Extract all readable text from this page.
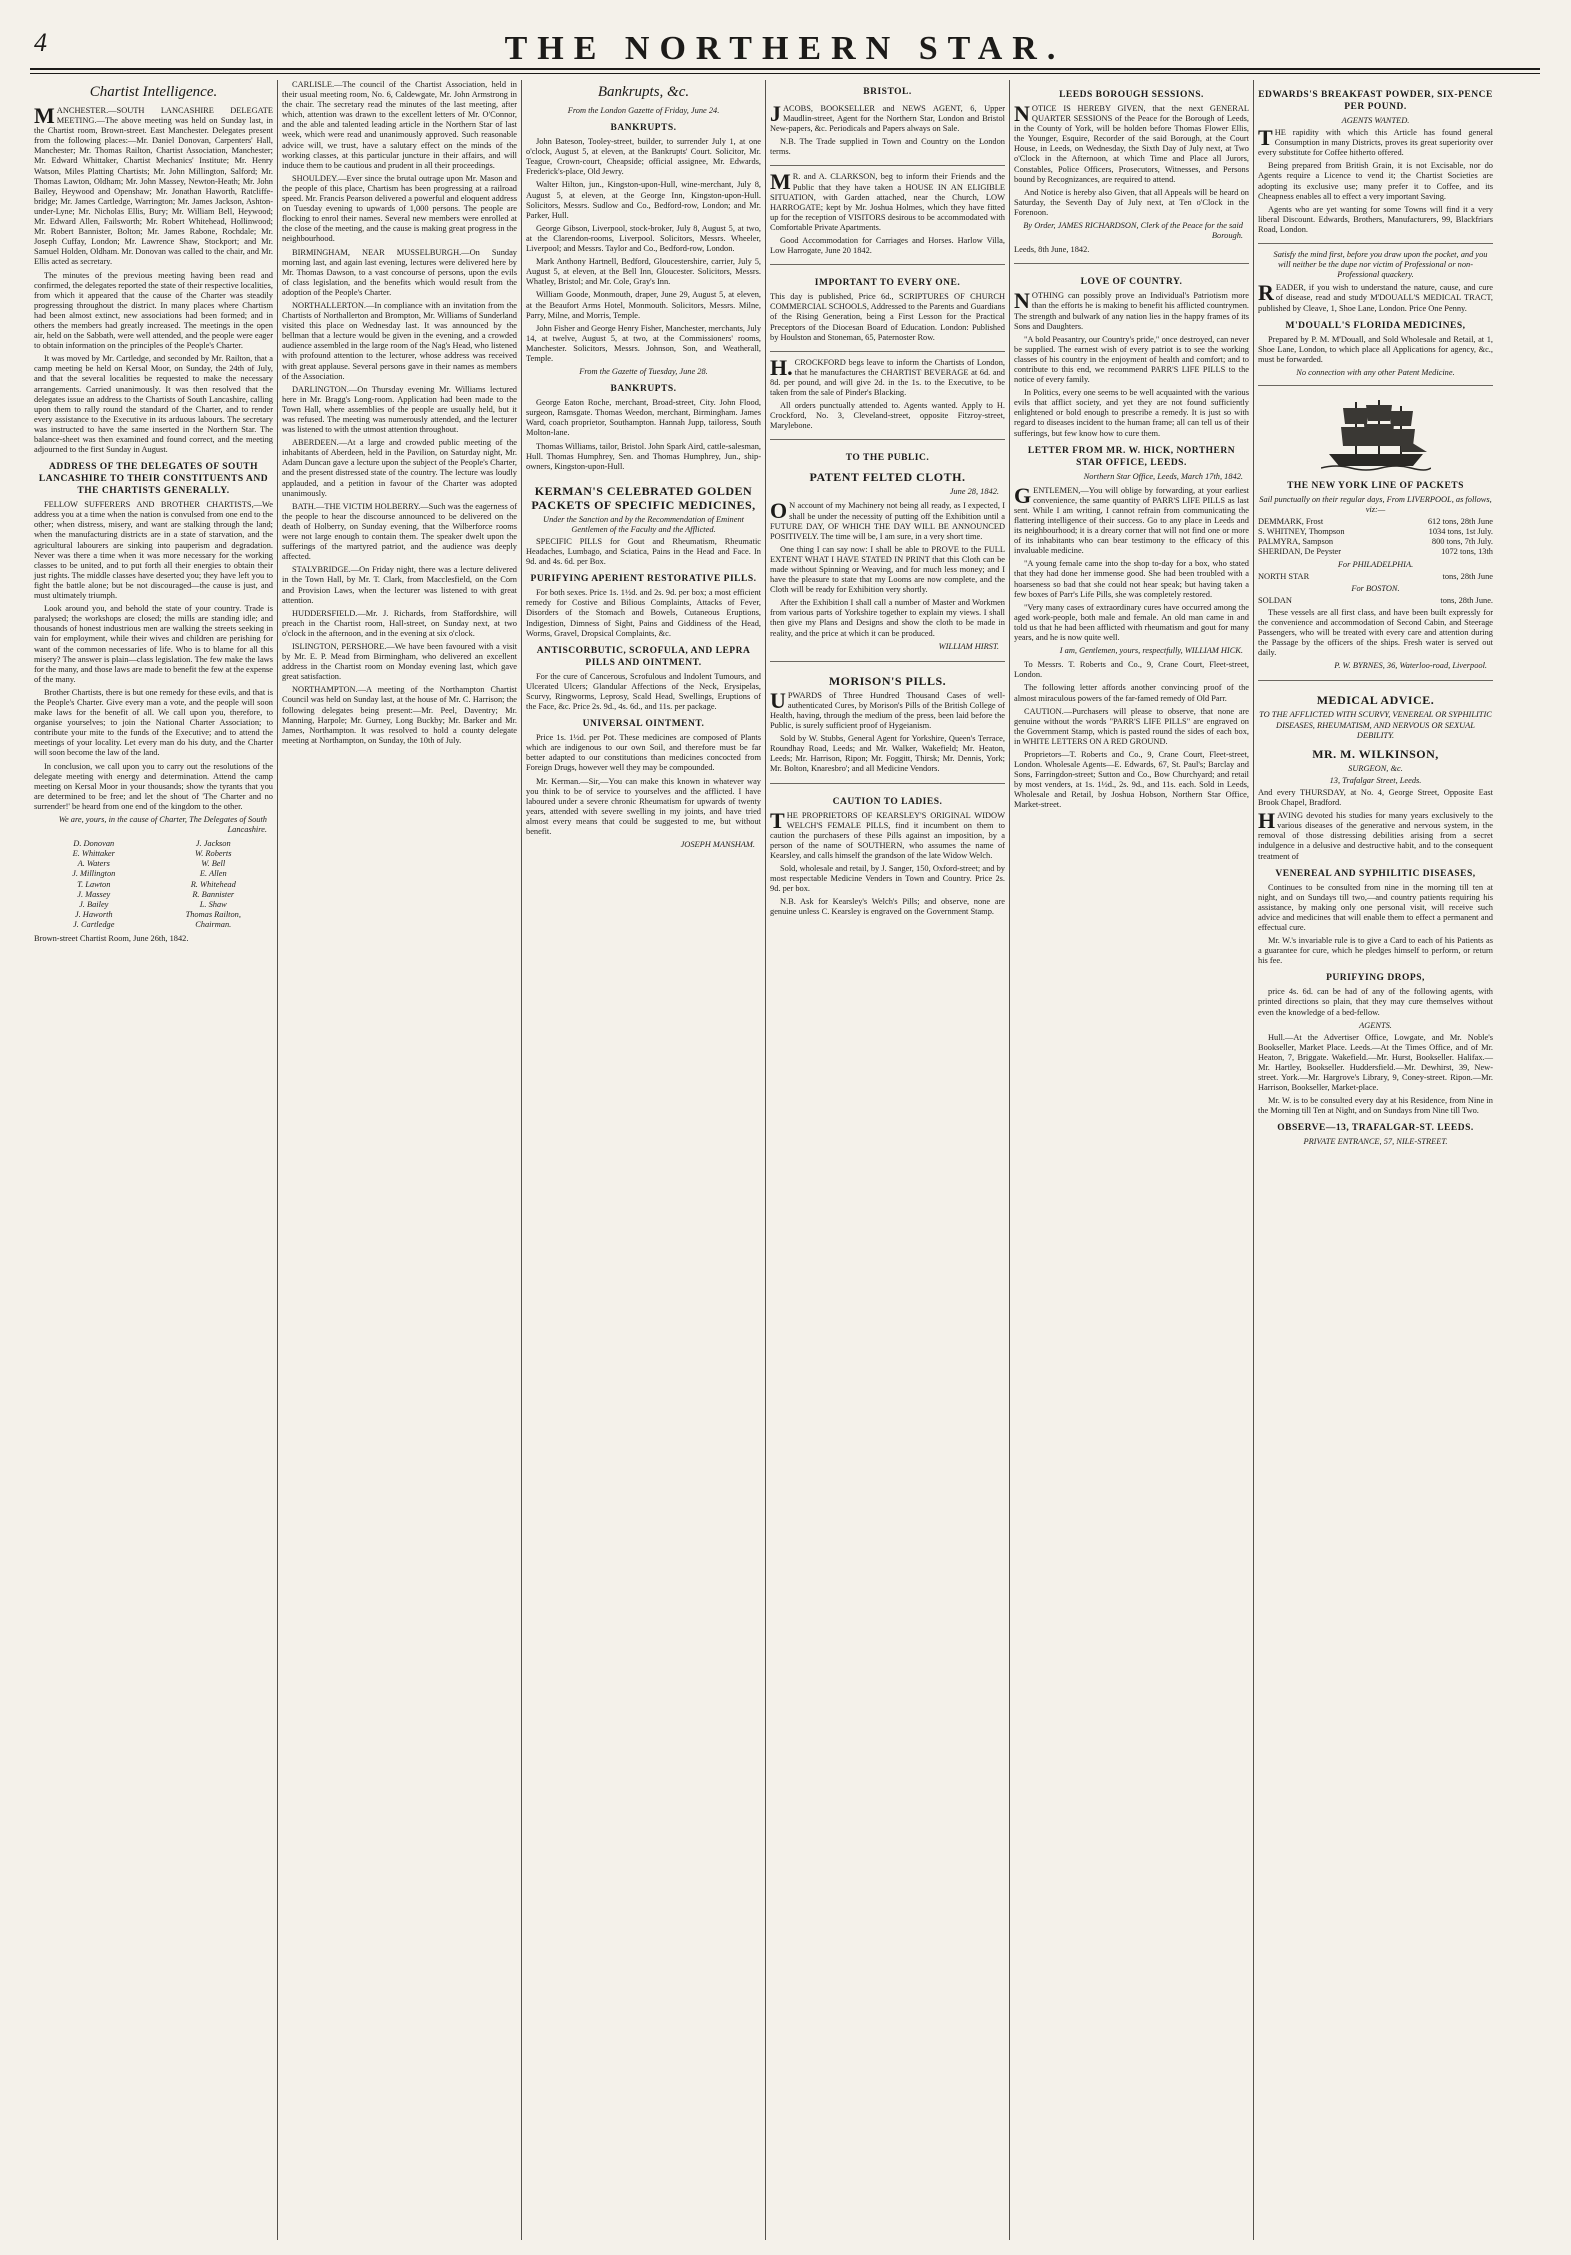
4	THE NORTHERN STAR.
Chartist Intelligence.

MANCHESTER.—SOUTH LANCASHIRE DELEGATE MEETING.—The above meeting was held on Sunday last, in the Chartist room, Brown-street. East Manchester. Delegates present from the following places:—Mr. Daniel Donovan, Carpenters' Hall, Manchester; Mr. Thomas Railton, Chartist Association, Manchester; Mr. Edward Whittaker, Chartist Mechanics' Institute; Mr. Henry Watson, Miles Platting Chartists; Mr. John Millington, Salford; Mr. Thomas Lawton, Oldham; Mr. John Massey, Newton-Heath; Mr. John Bailey, Heywood and Openshaw; Mr. Jonathan Haworth, Ratcliffe-bridge; Mr. James Cartledge, Warrington; Mr. James Jackson, Ashton-under-Lyne; Mr. Nicholas Ellis, Bury; Mr. William Bell, Heywood; Mr. Edward Allen, Failsworth; Mr. Robert Whitehead, Hollinwood; Mr. Robert Bannister, Bolton; Mr. James Rabone, Rochdale; Mr. Joseph Cuffay, London; Mr. Lawrence Shaw, Stockport; and Mr. Samuel Holden, Oldham. Mr. Donovan was called to the chair, and Mr. Ellis acted as secretary.

The minutes of the previous meeting having been read and confirmed, the delegates reported the state of their respective localities, from which it appeared that the cause of the Charter was steadily progressing throughout the district. In many places where Chartism had been almost extinct, new associations had been formed; and in others the members had greatly increased. The meetings in the open air, held on the Sabbath, were well attended, and the people were eager to obtain information on the principles of the People's Charter.

It was moved by Mr. Cartledge, and seconded by Mr. Railton, that a camp meeting be held on Kersal Moor, on Sunday, the 24th of July, and that the several localities be requested to make the necessary arrangements. Carried unanimously. It was then resolved that the delegates issue an address to the Chartists of South Lancashire, calling upon them to rally round the standard of the Charter, and to render every assistance to the Executive in its arduous labours. The secretary was instructed to have the same inserted in the Northern Star. The balance-sheet was then examined and found correct, and the meeting adjourned to the first Sunday in August.

ADDRESS OF THE DELEGATES OF SOUTH LANCASHIRE TO THEIR CONSTITUENTS AND THE CHARTISTS GENERALLY.

FELLOW SUFFERERS AND BROTHER CHARTISTS,—We address you at a time when the nation is convulsed from one end to the other; when distress, misery, and want are stalking through the land; when the manufacturing districts are in a state of starvation, and the agricultural labourers are sinking into pauperism and degradation. Never was there a time when it was more necessary for the working classes to be united, and to put forth all their energies to obtain their just rights. The middle classes have deserted you; they have left you to fight the battle alone; but be not discouraged—the cause is just, and must ultimately triumph.

Look around you, and behold the state of your country. Trade is paralysed; the workshops are closed; the mills are standing idle; and thousands of honest industrious men are walking the streets seeking in vain for employment, while their wives and children are perishing for want of the common necessaries of life. Who is to blame for all this misery? The answer is plain—class legislation. The few make the laws for the many, and those laws are made to benefit the few at the expense of the many.

Brother Chartists, there is but one remedy for these evils, and that is the People's Charter. Give every man a vote, and the people will soon make laws for the benefit of all. We call upon you, therefore, to organise yourselves; to join the National Charter Association; to contribute your mite to the funds of the Executive; and to attend the meetings of your locality. Let every man do his duty, and the Charter will soon become the law of the land.

In conclusion, we call upon you to carry out the resolutions of the delegate meeting with energy and determination. Attend the camp meeting on Kersal Moor in your thousands; show the tyrants that you are determined to be free; and let the shout of 'The Charter and no surrender!' be heard from one end of the kingdom to the other.

We are, yours, in the cause of Charter, The Delegates of South Lancashire.
D. Donovan	J. Jackson
E. Whittaker	W. Roberts
A. Waters	W. Bell
J. Millington	E. Allen
T. Lawton	R. Whitehead
J. Massey	R. Bannister
J. Bailey	L. Shaw
J. Haworth	Thomas Railton,
J. Cartledge	Chairman.

Brown-street Chartist Room, June 26th, 1842.

CARLISLE.—The council of the Chartist Association, held in their usual meeting room, No. 6, Caldewgate, Mr. John Armstrong in the chair. The secretary read the minutes of the last meeting, after which, attention was drawn to the excellent letters of Mr. O'Connor, and the able and talented leading article in the Northern Star of last week, which were read and unanimously approved. Such reasonable advice will, we trust, have a salutary effect on the minds of the working classes, at this particular juncture in their affairs, and will induce them to be cautious and prudent in all their proceedings.

SHOULDEY.—Ever since the brutal outrage upon Mr. Mason and the people of this place, Chartism has been progressing at a railroad speed. Mr. Francis Pearson delivered a powerful and eloquent address on Tuesday evening to upwards of 1,000 persons. The people are flocking to enrol their names. Several new members were enrolled at the close of the meeting, and the cause is making great progress in the neighbourhood.

BIRMINGHAM, NEAR MUSSELBURGH.—On Sunday morning last, and again last evening, lectures were delivered here by Mr. Thomas Dawson, to a vast concourse of persons, upon the evils of class legislation, and the benefits which would result from the adoption of the People's Charter.

NORTHALLERTON.—In compliance with an invitation from the Chartists of Northallerton and Brompton, Mr. Williams of Sunderland visited this place on Wednesday last. It was announced by the bellman that a lecture would be given in the evening, and a crowded audience assembled in the large room of the Nag's Head, who listened with profound attention to the lecturer, whose address was received with great applause. Several persons gave in their names as members of the Association.

DARLINGTON.—On Thursday evening Mr. Williams lectured here in Mr. Bragg's Long-room. Application had been made to the Town Hall, where assemblies of the people are usually held, but it was refused. The meeting was numerously attended, and the lecturer was listened to with the utmost attention throughout.

ABERDEEN.—At a large and crowded public meeting of the inhabitants of Aberdeen, held in the Pavilion, on Saturday night, Mr. Adam Duncan gave a lecture upon the subject of the People's Charter, and the present distressed state of the country. The lecture was loudly applauded, and a petition in favour of the Charter was adopted unanimously.

BATH.—THE VICTIM HOLBERRY.—Such was the eagerness of the people to hear the discourse announced to be delivered on the death of Holberry, on Sunday evening, that the Wilberforce rooms were not large enough to contain them. The speaker dwelt upon the sufferings of the martyred patriot, and the audience was deeply affected.

STALYBRIDGE.—On Friday night, there was a lecture delivered in the Town Hall, by Mr. T. Clark, from Macclesfield, on the Corn and Provision Laws, when the lecturer was listened to with great attention.

HUDDERSFIELD.—Mr. J. Richards, from Staffordshire, will preach in the Chartist room, Hall-street, on Sunday next, at two o'clock in the afternoon, and in the evening at six o'clock.

ISLINGTON, PERSHORE.—We have been favoured with a visit by Mr. E. P. Mead from Birmingham, who delivered an excellent address in the Chartist room on Monday evening last, which gave great satisfaction.

NORTHAMPTON.—A meeting of the Northampton Chartist Council was held on Sunday last, at the house of Mr. C. Harrison; the following delegates being present:—Mr. Peel, Daventry; Mr. Manning, Harpole; Mr. Gurney, Long Buckby; Mr. Barker and Mr. James, Northampton. It was resolved to hold a county delegate meeting at Northampton, on Sunday, the 10th of July.

Bankrupts, &c.
From the London Gazette of Friday, June 24.
BANKRUPTS.

John Bateson, Tooley-street, builder, to surrender July 1, at one o'clock, August 5, at eleven, at the Bankrupts' Court. Solicitor, Mr. Teague, Crown-court, Cheapside; official assignee, Mr. Edwards, Frederick's-place, Old Jewry.

Walter Hilton, jun., Kingston-upon-Hull, wine-merchant, July 8, August 5, at eleven, at the George Inn, Kingston-upon-Hull. Solicitors, Messrs. Sudlow and Co., Bedford-row, London; and Mr. Parker, Hull.

George Gibson, Liverpool, stock-broker, July 8, August 5, at two, at the Clarendon-rooms, Liverpool. Solicitors, Messrs. Wheeler, Liverpool; and Messrs. Taylor and Co., Bedford-row, London.

Mark Anthony Hartnell, Bedford, Gloucestershire, carrier, July 5, August 5, at eleven, at the Bell Inn, Gloucester. Solicitors, Messrs. Whatley, Bristol; and Mr. Cole, Gray's Inn.

William Goode, Monmouth, draper, June 29, August 5, at eleven, at the Beaufort Arms Hotel, Monmouth. Solicitors, Messrs. Milne, Parry, Milne, and Morris, Temple.

John Fisher and George Henry Fisher, Manchester, merchants, July 14, at twelve, August 5, at two, at the Commissioners' rooms, Manchester. Solicitors, Messrs. Johnson, Son, and Weatherall, Temple.

From the Gazette of Tuesday, June 28.
BANKRUPTS.

George Eaton Roche, merchant, Broad-street, City. John Flood, surgeon, Ramsgate. Thomas Weedon, merchant, Birmingham. James Ward, coach proprietor, Southampton. Hannah Jupp, tailoress, South Molton-lane.

Thomas Williams, tailor, Bristol. John Spark Aird, cattle-salesman, Hull. Thomas Humphrey, Sen. and Thomas Humphrey, Jun., ship-owners, Kingston-upon-Hull.

KERMAN'S CELEBRATED GOLDEN PACKETS OF SPECIFIC MEDICINES,
Under the Sanction and by the Recommendation of Eminent Gentlemen of the Faculty and the Afflicted.

SPECIFIC PILLS for Gout and Rheumatism, Rheumatic Headaches, Lumbago, and Sciatica, Pains in the Head and Face. In 9d. and 4s. 6d. per Box.

PURIFYING APERIENT RESTORATIVE PILLS.

For both sexes. Price 1s. 1½d. and 2s. 9d. per box; a most efficient remedy for Costive and Bilious Complaints, Attacks of Fever, Disorders of the Stomach and Bowels, Cutaneous Eruptions, Indigestion, Dimness of Sight, Pains and Giddiness of the Head, Worms, Gravel, Dropsical Complaints, &c.

ANTISCORBUTIC, SCROFULA, AND LEPRA PILLS AND OINTMENT.

For the cure of Cancerous, Scrofulous and Indolent Tumours, and Ulcerated Ulcers; Glandular Affections of the Neck, Erysipelas, Scurvy, Ringworms, Leprosy, Scald Head, Swellings, Eruptions of the Face, &c. Price 2s. 9d., 4s. 6d., and 11s. per package.

UNIVERSAL OINTMENT.

Price 1s. 1½d. per Pot. These medicines are composed of Plants which are indigenous to our own Soil, and therefore must be far better adapted to our constitutions than medicines concocted from Foreign Drugs, however well they may be compounded.

Mr. Kerman.—Sir,—You can make this known in whatever way you think to be of service to yourselves and the afflicted. I have laboured under a severe chronic Rheumatism for upwards of twenty years, attended with severe swelling in my joints, and have tried almost every means that could be suggested to me, but without benefit.

JOSEPH MANSHAM.
BRISTOL.

JACOBS, BOOKSELLER and NEWS AGENT, 6, Upper Maudlin-street, Agent for the Northern Star, London and Bristol New-papers, &c. Periodicals and Papers always on Sale.

N.B. The Trade supplied in Town and Country on the London terms.

MR. and A. CLARKSON, beg to inform their Friends and the Public that they have taken a HOUSE IN AN ELIGIBLE SITUATION, with Garden attached, near the Church, LOW HARROGATE; kept by Mr. Joshua Holmes, which they have fitted up for the reception of VISITORS desirous to be accommodated with Comfortable Private Apartments.

Good Accommodation for Carriages and Horses. Harlow Villa, Low Harrogate, June 20 1842.

IMPORTANT TO EVERY ONE.

This day is published, Price 6d., SCRIPTURES OF CHURCH COMMERCIAL SCHOOLS, Addressed to the Parents and Guardians of the Rising Generation, being a First Lesson for the Practical Preceptors of the Diocesan Board of Education. London: Published by Houlston and Stoneman, 65, Paternoster Row.

H.CROCKFORD begs leave to inform the Chartists of London, that he manufactures the CHARTIST BEVERAGE at 6d. and 8d. per pound, and will give 2d. in the 1s. to the Executive, to be taken from the sale of Pinder's Blacking.

All orders punctually attended to. Agents wanted. Apply to H. Crockford, No. 3, Cleveland-street, opposite Fitzroy-street, Marylebone.

TO THE PUBLIC.
PATENT FELTED CLOTH.
June 28, 1842.

ON account of my Machinery not being all ready, as I expected, I shall be under the necessity of putting off the Exhibition until a FUTURE DAY, OF WHICH THE DAY WILL BE ANNOUNCED POSITIVELY. The time will be, I am sure, in a very short time.

One thing I can say now: I shall be able to PROVE to the FULL EXTENT WHAT I HAVE STATED IN PRINT that this Cloth can be made without Spinning or Weaving, and for much less money; and I have the pleasure to state that my Looms are now complete, and the Cloth will be ready for Exhibition very shortly.

After the Exhibition I shall call a number of Master and Workmen from various parts of Yorkshire together to explain my views. I shall then give my Plans and Designs and show the cloth to be made in reality, and the price at which it can be produced.

WILLIAM HIRST.
MORISON'S PILLS.

UPWARDS of Three Hundred Thousand Cases of well-authenticated Cures, by Morison's Pills of the British College of Health, having, through the medium of the press, been laid before the Public, is surely sufficient proof of Hygeianism.

Sold by W. Stubbs, General Agent for Yorkshire, Queen's Terrace, Roundhay Road, Leeds; and Mr. Walker, Wakefield; Mr. Heaton, Leeds; Mr. Harrison, Ripon; Mr. Foggitt, Thirsk; Mr. Dennis, York; Mr. Bolton, Knaresbro'; and all Medicine Vendors.

CAUTION TO LADIES.

THE PROPRIETORS OF KEARSLEY'S ORIGINAL WIDOW WELCH'S FEMALE PILLS, find it incumbent on them to caution the purchasers of these Pills against an imposition, by a person of the name of SOUTHERN, who assumes the name of Kearsley, and calls himself the grandson of the late Widow Welch.

Sold, wholesale and retail, by J. Sanger, 150, Oxford-street; and by most respectable Medicine Venders in Town and Country. Price 2s. 9d. per box.

N.B. Ask for Kearsley's Welch's Pills; and observe, none are genuine unless C. Kearsley is engraved on the Government Stamp.

LEEDS BOROUGH SESSIONS.

NOTICE IS HEREBY GIVEN, that the next GENERAL QUARTER SESSIONS of the Peace for the Borough of Leeds, in the County of York, will be holden before Thomas Flower Ellis, the Younger, Esquire, Recorder of the said Borough, at the Court House, in Leeds, on Wednesday, the Sixth Day of July next, at Two o'Clock in the Afternoon, at which Time and Place all Jurors, Constables, Police Officers, Prosecutors, Witnesses, and Persons bound by Recognizances, are required to attend.

And Notice is hereby also Given, that all Appeals will be heard on Saturday, the Seventh Day of July next, at Ten o'Clock in the Forenoon.

By Order, JAMES RICHARDSON, Clerk of the Peace for the said Borough.

Leeds, 8th June, 1842.

LOVE OF COUNTRY.

NOTHING can possibly prove an Individual's Patriotism more than the efforts he is making to benefit his afflicted countrymen. The strength and bulwark of any nation lies in the happy frames of its Sons and Daughters.

"A bold Peasantry, our Country's pride," once destroyed, can never be supplied. The earnest wish of every patriot is to see the working classes of his country in the enjoyment of health and comfort; and to contribute to this end, we recommend PARR'S LIFE PILLS to the notice of every family.

In Politics, every one seems to be well acquainted with the various evils that afflict society, and yet they are not found sufficiently enlightened or bold enough to prescribe a remedy. It is just so with regard to diseases incident to the human frame; all can tell us of their sufferings, but few know how to cure them.

LETTER FROM MR. W. HICK, NORTHERN STAR OFFICE, LEEDS.
Northern Star Office, Leeds, March 17th, 1842.

GENTLEMEN,—You will oblige by forwarding, at your earliest convenience, the same quantity of PARR'S LIFE PILLS as last sent. While I am writing, I cannot refrain from communicating the flattering intelligence of their success. Go to any place in Leeds and its neighbourhood; it is a dreary corner that will not find one or more of its inhabitants who can bear testimony to the efficacy of this invaluable medicine.

"A young female came into the shop to-day for a box, who stated that they had done her immense good. She had been troubled with a hoarseness so bad that she could not hear speak; but having taken a few boxes of Parr's Life Pills, she was completely restored.

"Very many cases of extraordinary cures have occurred among the aged work-people, both male and female. An old man came in and told us that he had been afflicted with rheumatism and gout for many years, and he is now quite well.

I am, Gentlemen, yours, respectfully, WILLIAM HICK.

To Messrs. T. Roberts and Co., 9, Crane Court, Fleet-street, London.

The following letter affords another convincing proof of the almost miraculous powers of the far-famed remedy of Old Parr.

CAUTION.—Purchasers will please to observe, that none are genuine without the words "PARR'S LIFE PILLS" are engraved on the Government Stamp, which is pasted round the sides of each box, in WHITE LETTERS ON A RED GROUND.

Proprietors—T. Roberts and Co., 9, Crane Court, Fleet-street, London. Wholesale Agents—E. Edwards, 67, St. Paul's; Barclay and Sons, Farringdon-street; Sutton and Co., Bow Churchyard; and retail by most venders, at 1s. 1½d., 2s. 9d., and 11s. each. Sold in Leeds, Wholesale and Retail, by Joshua Hobson, Northern Star Office, Market-street.

EDWARDS'S BREAKFAST POWDER, SIX-PENCE PER POUND.
AGENTS WANTED.

THE rapidity with which this Article has found general Consumption in many Districts, proves its great superiority over every substitute for Coffee hitherto offered.

Being prepared from British Grain, it is not Excisable, nor do Agents require a Licence to vend it; the Chartist Societies are adopting its exclusive use; many prefer it to Coffee, and its Cheapness enables all to effect a very important Saving.

Agents who are yet wanting for some Towns will find it a very liberal Discount. Edwards, Brothers, Manufacturers, 99, Blackfriars Road, London.

Satisfy the mind first, before you draw upon the pocket, and you will neither be the dupe nor victim of Professional or non-Professional quackery.

READER, if you wish to understand the nature, cause, and cure of disease, read and study M'DOUALL'S MEDICAL TRACT, published by Cleave, 1, Shoe Lane, London. Price One Penny.

M'DOUALL'S FLORIDA MEDICINES,

Prepared by P. M. M'Douall, and Sold Wholesale and Retail, at 1, Shoe Lane, London, to which place all Applications for agency, &c., must be forwarded.

No connection with any other Patent Medicine.
THE NEW YORK LINE OF PACKETS
Sail punctually on their regular days, From LIVERPOOL, as follows, viz:—
DEMMARK, Frost	612 tons, 28th June
S. WHITNEY, Thompson	1034 tons, 1st July.
PALMYRA, Sampson	800 tons, 7th July.
SHERIDAN, De Peyster	1072 tons, 13th
For PHILADELPHIA.
NORTH STAR	tons, 28th June
For BOSTON.
SOLDAN	tons, 28th June.

These vessels are all first class, and have been built expressly for the convenience and accommodation of Second Cabin, and Steerage Passengers, who will be treated with every care and attention during the Passage by the officers of the ships. Fresh water is served out daily.

P. W. BYRNES, 36, Waterloo-road, Liverpool.
MEDICAL ADVICE.
TO THE AFFLICTED WITH SCURVY, VENEREAL OR SYPHILITIC DISEASES, RHEUMATISM, AND NERVOUS OR SEXUAL DEBILITY.
MR. M. WILKINSON,
SURGEON, &c.
13, Trafalgar Street, Leeds.

And every THURSDAY, at No. 4, George Street, Opposite East Brook Chapel, Bradford.

HAVING devoted his studies for many years exclusively to the various diseases of the generative and nervous system, in the removal of those distressing debilities arising from a secret indulgence in a delusive and destructive habit, and to the consequent treatment of

VENEREAL AND SYPHILITIC DISEASES,

Continues to be consulted from nine in the morning till ten at night, and on Sundays till two,—and country patients requiring his assistance, by making only one personal visit, will receive such advice and medicines that will enable them to effect a permanent and effectual cure.

Mr. W.'s invariable rule is to give a Card to each of his Patients as a guarantee for cure, which he pledges himself to perform, or return his fee.

PURIFYING DROPS,

price 4s. 6d. can be had of any of the following agents, with printed directions so plain, that they may cure themselves without even the knowledge of a bed-fellow.

AGENTS.

Hull.—At the Advertiser Office, Lowgate, and Mr. Noble's Bookseller, Market Place. Leeds.—At the Times Office, and of Mr. Heaton, 7, Briggate. Wakefield.—Mr. Hurst, Bookseller. Halifax.—Mr. Hartley, Bookseller. Huddersfield.—Mr. Dewhirst, 39, New-street. York.—Mr. Hargrove's Library, 9, Coney-street. Ripon.—Mr. Harrison, Bookseller, Market-place.

Mr. W. is to be consulted every day at his Residence, from Nine in the Morning till Ten at Night, and on Sundays from Nine till Two.

OBSERVE—13, TRAFALGAR-ST. LEEDS.
PRIVATE ENTRANCE, 57, NILE-STREET.
